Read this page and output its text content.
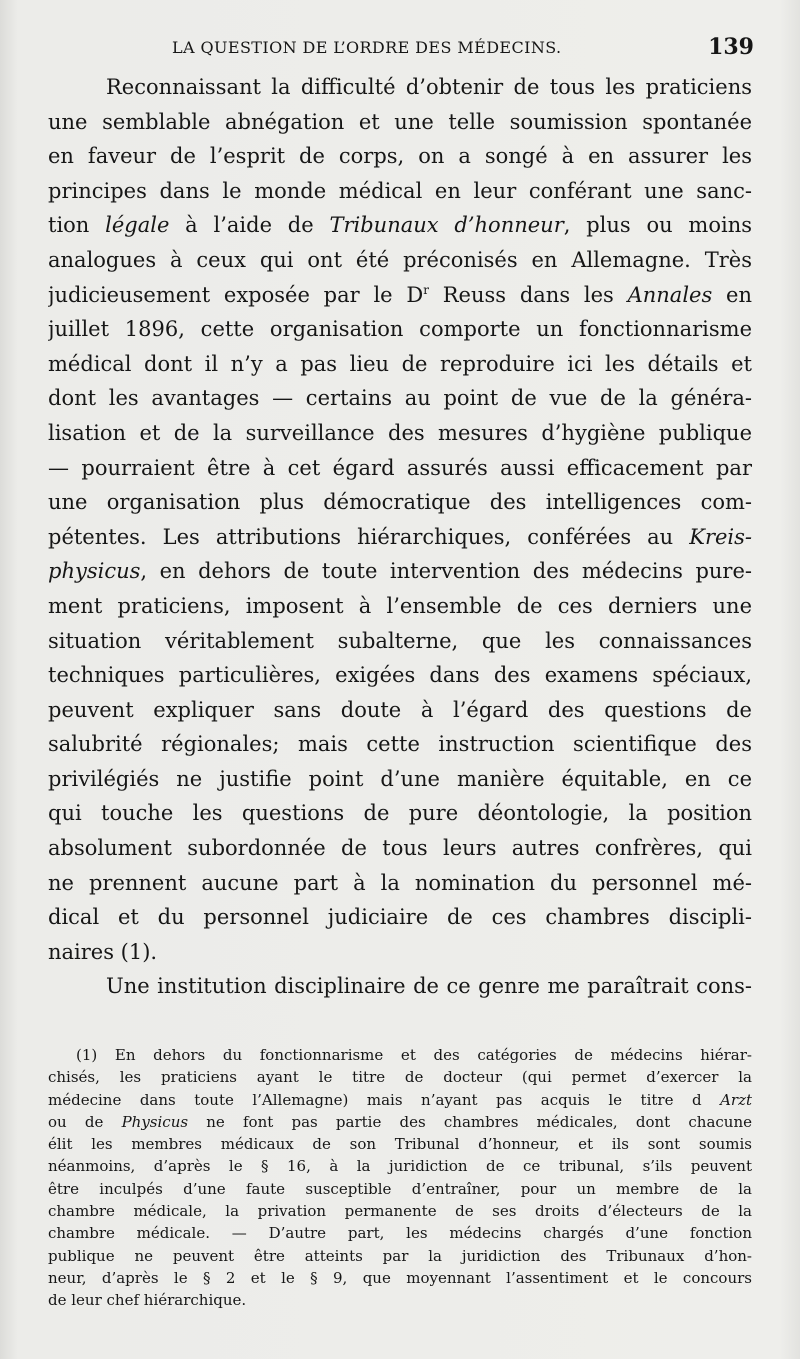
LA QUESTION DE L’ORDRE DES MÉDECINS.	139
Reconnaissant la difficulté d’obtenir de tous les praticiens
une semblable abnégation et une telle soumission spontanée
en faveur de l’esprit de corps, on a songé à en assurer les
principes dans le monde médical en leur conférant une sanc-
tion légale à l’aide de Tribunaux d’honneur, plus ou moins
analogues à ceux qui ont été préconisés en Allemagne. Très
judicieusement exposée par le $D^r$ Reuss dans les Annales en
juillet 1896, cette organisation comporte un fonctionnarisme
médical dont il n’y a pas lieu de reproduire ici les détails et
dont les avantages — certains au point de vue de la généra-
lisation et de la surveillance des mesures d’hygiène publique
— pourraient être à cet égard assurés aussi efficacement par
une organisation plus démocratique des intelligences com-
pétentes. Les attributions hiérarchiques, conférées au Kreis-
physicus, en dehors de toute intervention des médecins pure-
ment praticiens, imposent à l’ensemble de ces derniers une
situation véritablement subalterne, que les connaissances
techniques particulières, exigées dans des examens spéciaux,
peuvent expliquer sans doute à l’égard des questions de
salubrité régionales; mais cette instruction scientifique des
privilégiés ne justifie point d’une manière équitable, en ce
qui touche les questions de pure déontologie, la position
absolument subordonnée de tous leurs autres confrères, qui
ne prennent aucune part à la nomination du personnel mé-
dical et du personnel judiciaire de ces chambres discipli-
naires (1).
Une institution disciplinaire de ce genre me paraîtrait cons-
(1) En dehors du fonctionnarisme et des catégories de médecins hiérar-
chisés, les praticiens ayant le titre de docteur (qui permet d’exercer la
médecine dans toute l’Allemagne) mais n’ayant pas acquis le titre d Arzt
ou de Physicus ne font pas partie des chambres médicales, dont chacune
élit les membres médicaux de son Tribunal d’honneur, et ils sont soumis
néanmoins, d’après le § 16, à la juridiction de ce tribunal, s’ils peuvent
être inculpés d’une faute susceptible d’entraîner, pour un membre de la
chambre médicale, la privation permanente de ses droits d’électeurs de la
chambre médicale. — D’autre part, les médecins chargés d’une fonction
publique ne peuvent être atteints par la juridiction des Tribunaux d’hon-
neur, d’après le § 2 et le § 9, que moyennant l’assentiment et le concours
de leur chef hiérarchique.
